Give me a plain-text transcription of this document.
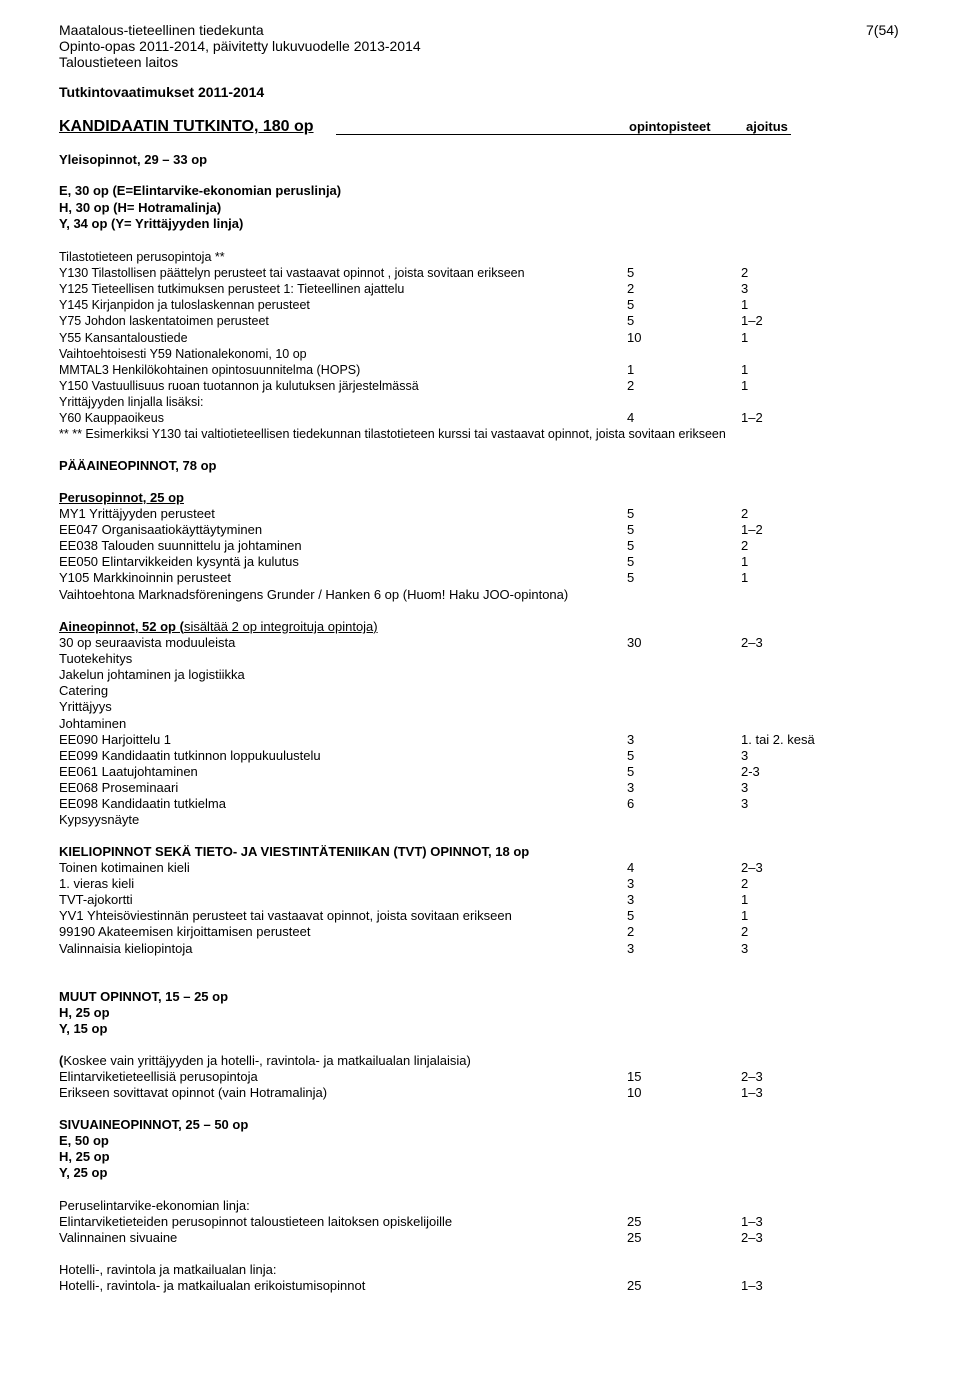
Maatalous-tieteellinen tiedekunta	7(54)
Opinto-opas 2011-2014, päivitetty lukuvuodelle 2013-2014
Taloustieteen laitos
Tutkintovaatimukset 2011-2014
KANDIDAATIN TUTKINTO, 180 op	opintopisteet	ajoitus
Yleisopinnot, 29 – 33 op
E, 30 op (E=Elintarvike-ekonomian peruslinja)
H, 30 op (H= Hotramalinja)
Y, 34 op (Y= Yrittäjyyden linja)
Tilastotieteen perusopintoja **
Y130 Tilastollisen päättelyn perusteet tai vastaavat opinnot , joista sovitaan erikseen	5	2
Y125 Tieteellisen tutkimuksen perusteet 1: Tieteellinen ajattelu	2	3
Y145 Kirjanpidon ja tuloslaskennan perusteet	5	1
Y75 Johdon laskentatoimen perusteet	5	1–2
Y55 Kansantaloustiede	10	1
Vaihtoehtoisesti Y59 Nationalekonomi, 10 op
MMTAL3 Henkilökohtainen opintosuunnitelma (HOPS)	1	1
Y150 Vastuullisuus ruoan tuotannon ja kulutuksen järjestelmässä	2	1
Yrittäjyyden linjalla lisäksi:
Y60 Kauppaoikeus	4	1–2
** ** Esimerkiksi Y130 tai valtiotieteellisen tiedekunnan tilastotieteen kurssi tai vastaavat opinnot, joista sovitaan erikseen
PÄÄAINEOPINNOT, 78 op
Perusopinnot, 25 op
MY1 Yrittäjyyden perusteet	5	2
EE047 Organisaatiokäyttäytyminen	5	1–2
EE038 Talouden suunnittelu ja johtaminen	5	2
EE050 Elintarvikkeiden kysyntä ja kulutus	5	1
Y105 Markkinoinnin perusteet	5	1
Vaihtoehtona Marknadsföreningens Grunder / Hanken 6 op (Huom! Haku JOO-opintona)
Aineopinnot, 52 op (sisältää 2 op integroituja opintoja)
30 op seuraavista moduuleista	30	2–3
Tuotekehitys
Jakelun johtaminen ja logistiikka
Catering
Yrittäjyys
Johtaminen
EE090 Harjoittelu 1	3	1. tai 2. kesä
EE099 Kandidaatin tutkinnon loppukuulustelu	5	3
EE061 Laatujohtaminen	5	2-3
EE068 Proseminaari	3	3
EE098 Kandidaatin tutkielma	6	3
Kypsyysnäyte
KIELIOPINNOT SEKÄ TIETO- JA VIESTINTÄTENIIKAN (TVT) OPINNOT, 18 op
Toinen kotimainen kieli	4	2–3
1. vieras kieli	3	2
TVT-ajokortti	3	1
YV1 Yhteisöviestinnän perusteet tai vastaavat opinnot, joista sovitaan erikseen	5	1
99190 Akateemisen kirjoittamisen perusteet	2	2
Valinnaisia kieliopintoja	3	3
MUUT OPINNOT, 15 – 25 op
H, 25 op
Y, 15 op
(Koskee vain yrittäjyyden ja hotelli-, ravintola- ja matkailualan linjalaisia)
Elintarviketieteellisiä perusopintoja	15	2–3
Erikseen sovittavat opinnot (vain Hotramalinja)	10	1–3
SIVUAINEOPINNOT, 25 – 50 op
E, 50 op
H, 25 op
Y, 25 op
Peruselintarvike-ekonomian linja:
Elintarviketieteiden perusopinnot taloustieteen laitoksen opiskelijoille	25	1–3
Valinnainen sivuaine	25	2–3
Hotelli-, ravintola ja matkailualan linja:
Hotelli-, ravintola- ja matkailualan erikoistumisopinnot	25	1–3
